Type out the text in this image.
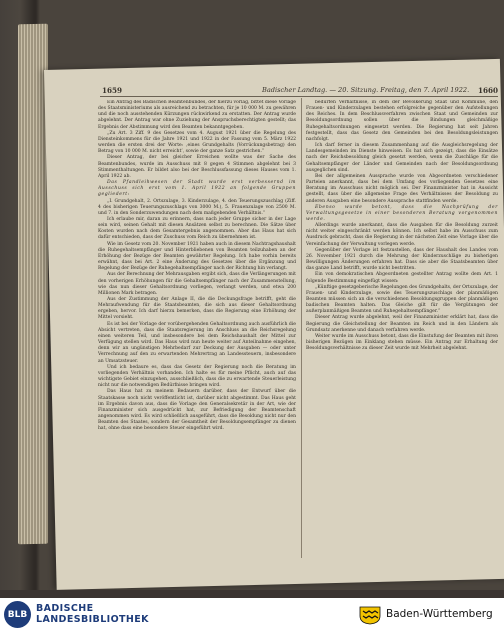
1659	Badischer Landtag. — 20. Sitzung. Freitag, den 7. April 1922. 1660

Ein Antrag des Badischen Beamtenbundes, der hierzu vorlag, bittet diese Vorlage des Staatsministeriums als ausreichend zu betrachten, für je 10 000 M. zu gewähren und die noch ausstehenden Kürzungen rückwirkend zu erstatten. Der Antrag wurde abgelehnt. Der Antrag war ohne Zuziehung der Anspruchsberechtigten gestellt; das Ergebnis der Abstimmung wird den Beamten bekanntgegeben.

„Zu Art. 3 Ziff. 9 des Gesetzes vom 4. August 1921 über die Regelung des Diensteinkommens für die Jahre 1921 und 1922 in der Fassung vom 5. März 1922 werden die ersten drei der Worte: ‚eines Grundgehalts (Vorrückungsbetrag) den Betrag von 10 000 M. nicht erreicht‘, sowie der ganze Satz gestrichen.“

Dieser Antrag, der bei gleicher Erreichen wollte was der Sache des Beamtenbundes, wurde im Ausschuss mit 8 gegen 4 Stimmen abgelehnt bei 3 Stimmenthaltungen. Er bildet also bei der Beschlussfassung dieses Hauses vom 1. April 1922 ab.

Das Pfandleihwesen der Stadt wurde erst verbessernd im Ausschuss sich erst vom 1. April 1922 an folgende Gruppen gegliedert:

„I. Grundgehalt, 2. Ortszulage, 3. Kinderzulage, 4. den Teuerungszuschlag (Ziff. 4 des bisherigen Teuerungszuschlags von 3000 M.), 5. Frauenzulage von 2500 M. und 7. in den Sonderzuwendungen nach dem maßgebenden Verhältnis.“

Ich erlaube mir, daran zu erinnern, dass nach jeder Gruppe sicher in der Lage sein wird, seinen Gehalt mit diesen Ansätzen selbst zu berechnen. Die Sätze über Kosten wurden nach dem Gesamtergebnis angenommen. Aber das Haus hat sich dafür entschieden, dass der Zuschuss vom Reich zu übernehmen ist.

Wie im Gesetz vom 20. November 1921 haben auch in diesem Nachtragshaushalt die Ruhegehaltsempfänger und Hinterbliebenen von Beamten teilzuhaben an der Erhöhung der Bezüge der Beamten gewährter Regelung. Ich habe vorhin bereits erwähnt, dass bei Art. 2 eine Änderung des Gesetzes über die Ergänzung und Regelung der Bezüge der Ruhegehaltsempfänger nach der Richtung hin verlangt.

Aus der Berechnung der Mehrausgaben ergibt sich, dass die Verlängerungen mit den vorherigen Erhöhungen für die Gehaltsempfänger nach der Zusammenstellung, wie das nun dieser Gehaltsordnung vorliegen, verlangt werden, und etwa 200 Millionen Mark betragen.

Aus der Zustimmung der Anlage II, die die Deckungsfrage betrifft, geht die Mehraufwendung für die Staatsbeamten, die sich aus dieser Gehaltsordnung ergeben, hervor. Ich darf hierzu bemerken, dass die Regierung eine Erhöhung der Mittel vorsieht.

Es ist bei der Vorlage der vorübergehenden Gehaltsordnung auch ausführlich die Absicht vertreten, dass die Staatsregierung im Anschluss an die Reichsregelung einen weiteren Teil, und insbesondere bei dem Reichshaushalt der Mittel zur Verfügung stellen wird. Das Haus wird nun heute weiter auf Anteilnahme eingehen, denn wir an ungünstigen Mehrbedarf zur Deckung der Ausgaben — oder unter Verrechnung auf den zu erwartenden Mehrertrag an Landessteuern, insbesondere an Umsatzsteuer.

Und ich bedaure es, dass das Gesetz der Regierung noch die Beratung im vorliegenden Verhältnis vorhanden. Ich halte es für meine Pflicht, auch auf das wichtigste Gebiet einzugehen, ausschließlich, dass die zu erwartende Steuerleistung nicht nur die notwendigen Bedürfnisse bringen wird.

Das Haus hat zu meinem Bedauern darüber, dass der Entwurf über die Staatskasse noch nicht veröffentlicht ist, darüber nicht abgestimmt. Das Haus geht im Ergebnis davon aus, dass die Vorlage den Generalsekretär in der Art, wie der Finanzminister sich ausgedrückt hat, zur Befriedigung der Beamtenschaft angenommen wird. Es wird schließlich ausgeführt, dass die Besoldung nicht nur den Beamten des Staates, sondern der Gesamtheit der Besoldungsempfänger zu dienen hat, ohne dass eine besondere Steuer eingeführt wird.

bedürfen Verhältnisse, in dem der Bevölkerung Staat und Kommune, den Frauen- und Kinderzulagen bestehen erfolgreiche gegenüber den Aufstellungen des Reiches. In dem Beschlussverfahren zwischen Staat und Gemeinden zur Besoldungsordnung sollen über die Bindungen gleichmäßige Ruhegehaltsordnungen eingesetzt werden. Die Regierung hat seit Jahren festgestellt, dass das Gesetz den Gemeinden bei den Besoldungsleistungen nachfolgt.

Ich darf ferner in diesem Zusammenhang auf die Ausgleichsregelung der Landesgemeinden im Dienste hinweisen. Es hat sich gezeigt, dass die Einsätze nach der Reichsbesoldung gleich gesetzt werden, wenn die Zuschläge für die Gehaltsempfänger der Länder und Gemeinden nach der Besoldungsordnung ausgeglichen sind.

Bei der allgemeinen Aussprache wurde von Abgeordneten verschiedener Parteien anerkannt, dass bei dem Umfang des vorliegenden Gesetzes eine Beratung im Ausschuss nicht möglich sei. Der Finanzminister hat in Aussicht gestellt, dass über die allgemeine Frage des Verhältnisses der Besoldung zu anderen Ausgaben eine besondere Aussprache stattfinden werde.

Ebenso wurde betont, dass die Nachprüfung der Verwaltungsgesetze in einer besonderen Beratung vorgenommen werde.

Allerdings wurde anerkannt, dass die Ausgaben für die Besoldung zurzeit nicht weiter eingeschränkt werden können. Ich selbst habe im Ausschuss zum Ausdruck gebracht, dass die Regierung in der nächsten Zeit eine Vorlage über die Vereinfachung der Verwaltung vorlegen werde.

Gegenüber der Vorlage ist festzustellen, dass der Haushalt des Landes vom 26. November 1921 durch die Mehrung der Kinderzuschläge zu bisherigen Bewilligungen Änderungen erfahren hat. Dass sie aber die Staatsbeamten über das ganze Land betrifft, wurde nicht bestritten.

Ein von demokratischen Abgeordneten gestellter Antrag wollte dem Art. 1 folgende Bestimmung eingefügt wissen:

„Künftige gesetzgeberische Regelungen des Grundgehalts, der Ortszulage, der Frauen- und Kinderzulage, sowie des Teuerungszuschlags der planmäßigen Beamten müssen sich an die verschiedenen Besoldungsgruppen der planmäßigen badischen Beamten halten. Das Gleiche gilt für die Vergütungen der außerplanmäßigen Beamten und Ruhegehaltsempfänger.“

Dieser Antrag wurde abgelehnt, weil der Finanzminister erklärt hat, dass die Regierung die Gleichstellung der Beamten im Reich und in den Ländern als Grundsatz anerkenne und danach verfahren werde.

Weiter wurde im Ausschuss betont, dass die Einstufung der Beamten mit ihren bisherigen Bezügen im Einklang stehen müsse. Ein Antrag zur Erhaltung der Besoldungsverhältnisse zu dieser Zeit wurde mit Mehrheit abgelehnt.

BLB
BADISCHE
LANDESBIBLIOTHEK	Baden-Württemberg
